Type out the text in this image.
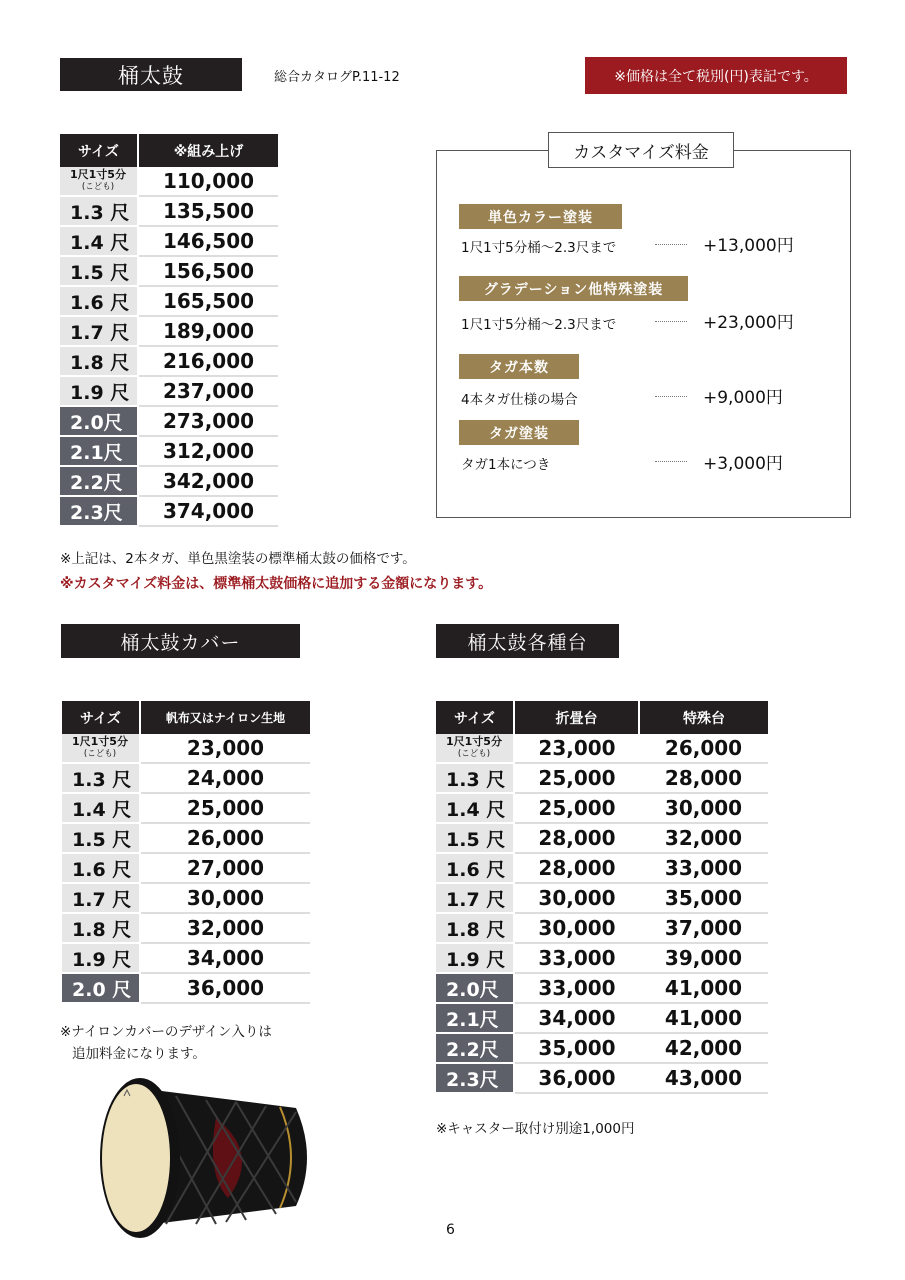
桶太鼓	総合カタログP.11-12	※価格は全て税別(円)表記です。
サイズ	※組み上げ
1尺1寸5分
(こども)	110,000
1.3 尺	135,500
1.4 尺	146,500
1.5 尺	156,500
1.6 尺	165,500
1.7 尺	189,000
1.8 尺	216,000
1.9 尺	237,000
2.0尺	273,000
2.1尺	312,000
2.2尺	342,000
2.3尺	374,000
カスタマイズ料金
単色カラー塗装
1尺1寸5分桶～2.3尺まで	+13,000円
グラデーション他特殊塗装
1尺1寸5分桶～2.3尺まで	+23,000円
タガ本数
4本タガ仕様の場合	+9,000円
タガ塗装
タガ1本につき	+3,000円
※上記は、2本タガ、単色黒塗装の標準桶太鼓の価格です。
※カスタマイズ料金は、標準桶太鼓価格に追加する金額になります。
桶太鼓カバー
サイズ	帆布又はナイロン生地
1尺1寸5分
(こども)	23,000
1.3 尺	24,000
1.4 尺	25,000
1.5 尺	26,000
1.6 尺	27,000
1.7 尺	30,000
1.8 尺	32,000
1.9 尺	34,000
2.0 尺	36,000
※ナイロンカバーのデザイン入りは
追加料金になります。
桶太鼓各種台
サイズ	折畳台	特殊台
1尺1寸5分
(こども)	23,000	26,000
1.3 尺	25,000	28,000
1.4 尺	25,000	30,000
1.5 尺	28,000	32,000
1.6 尺	28,000	33,000
1.7 尺	30,000	35,000
1.8 尺	30,000	37,000
1.9 尺	33,000	39,000
2.0尺	33,000	41,000
2.1尺	34,000	41,000
2.2尺	35,000	42,000
2.3尺	36,000	43,000
※キャスター取付け別途1,000円
6
